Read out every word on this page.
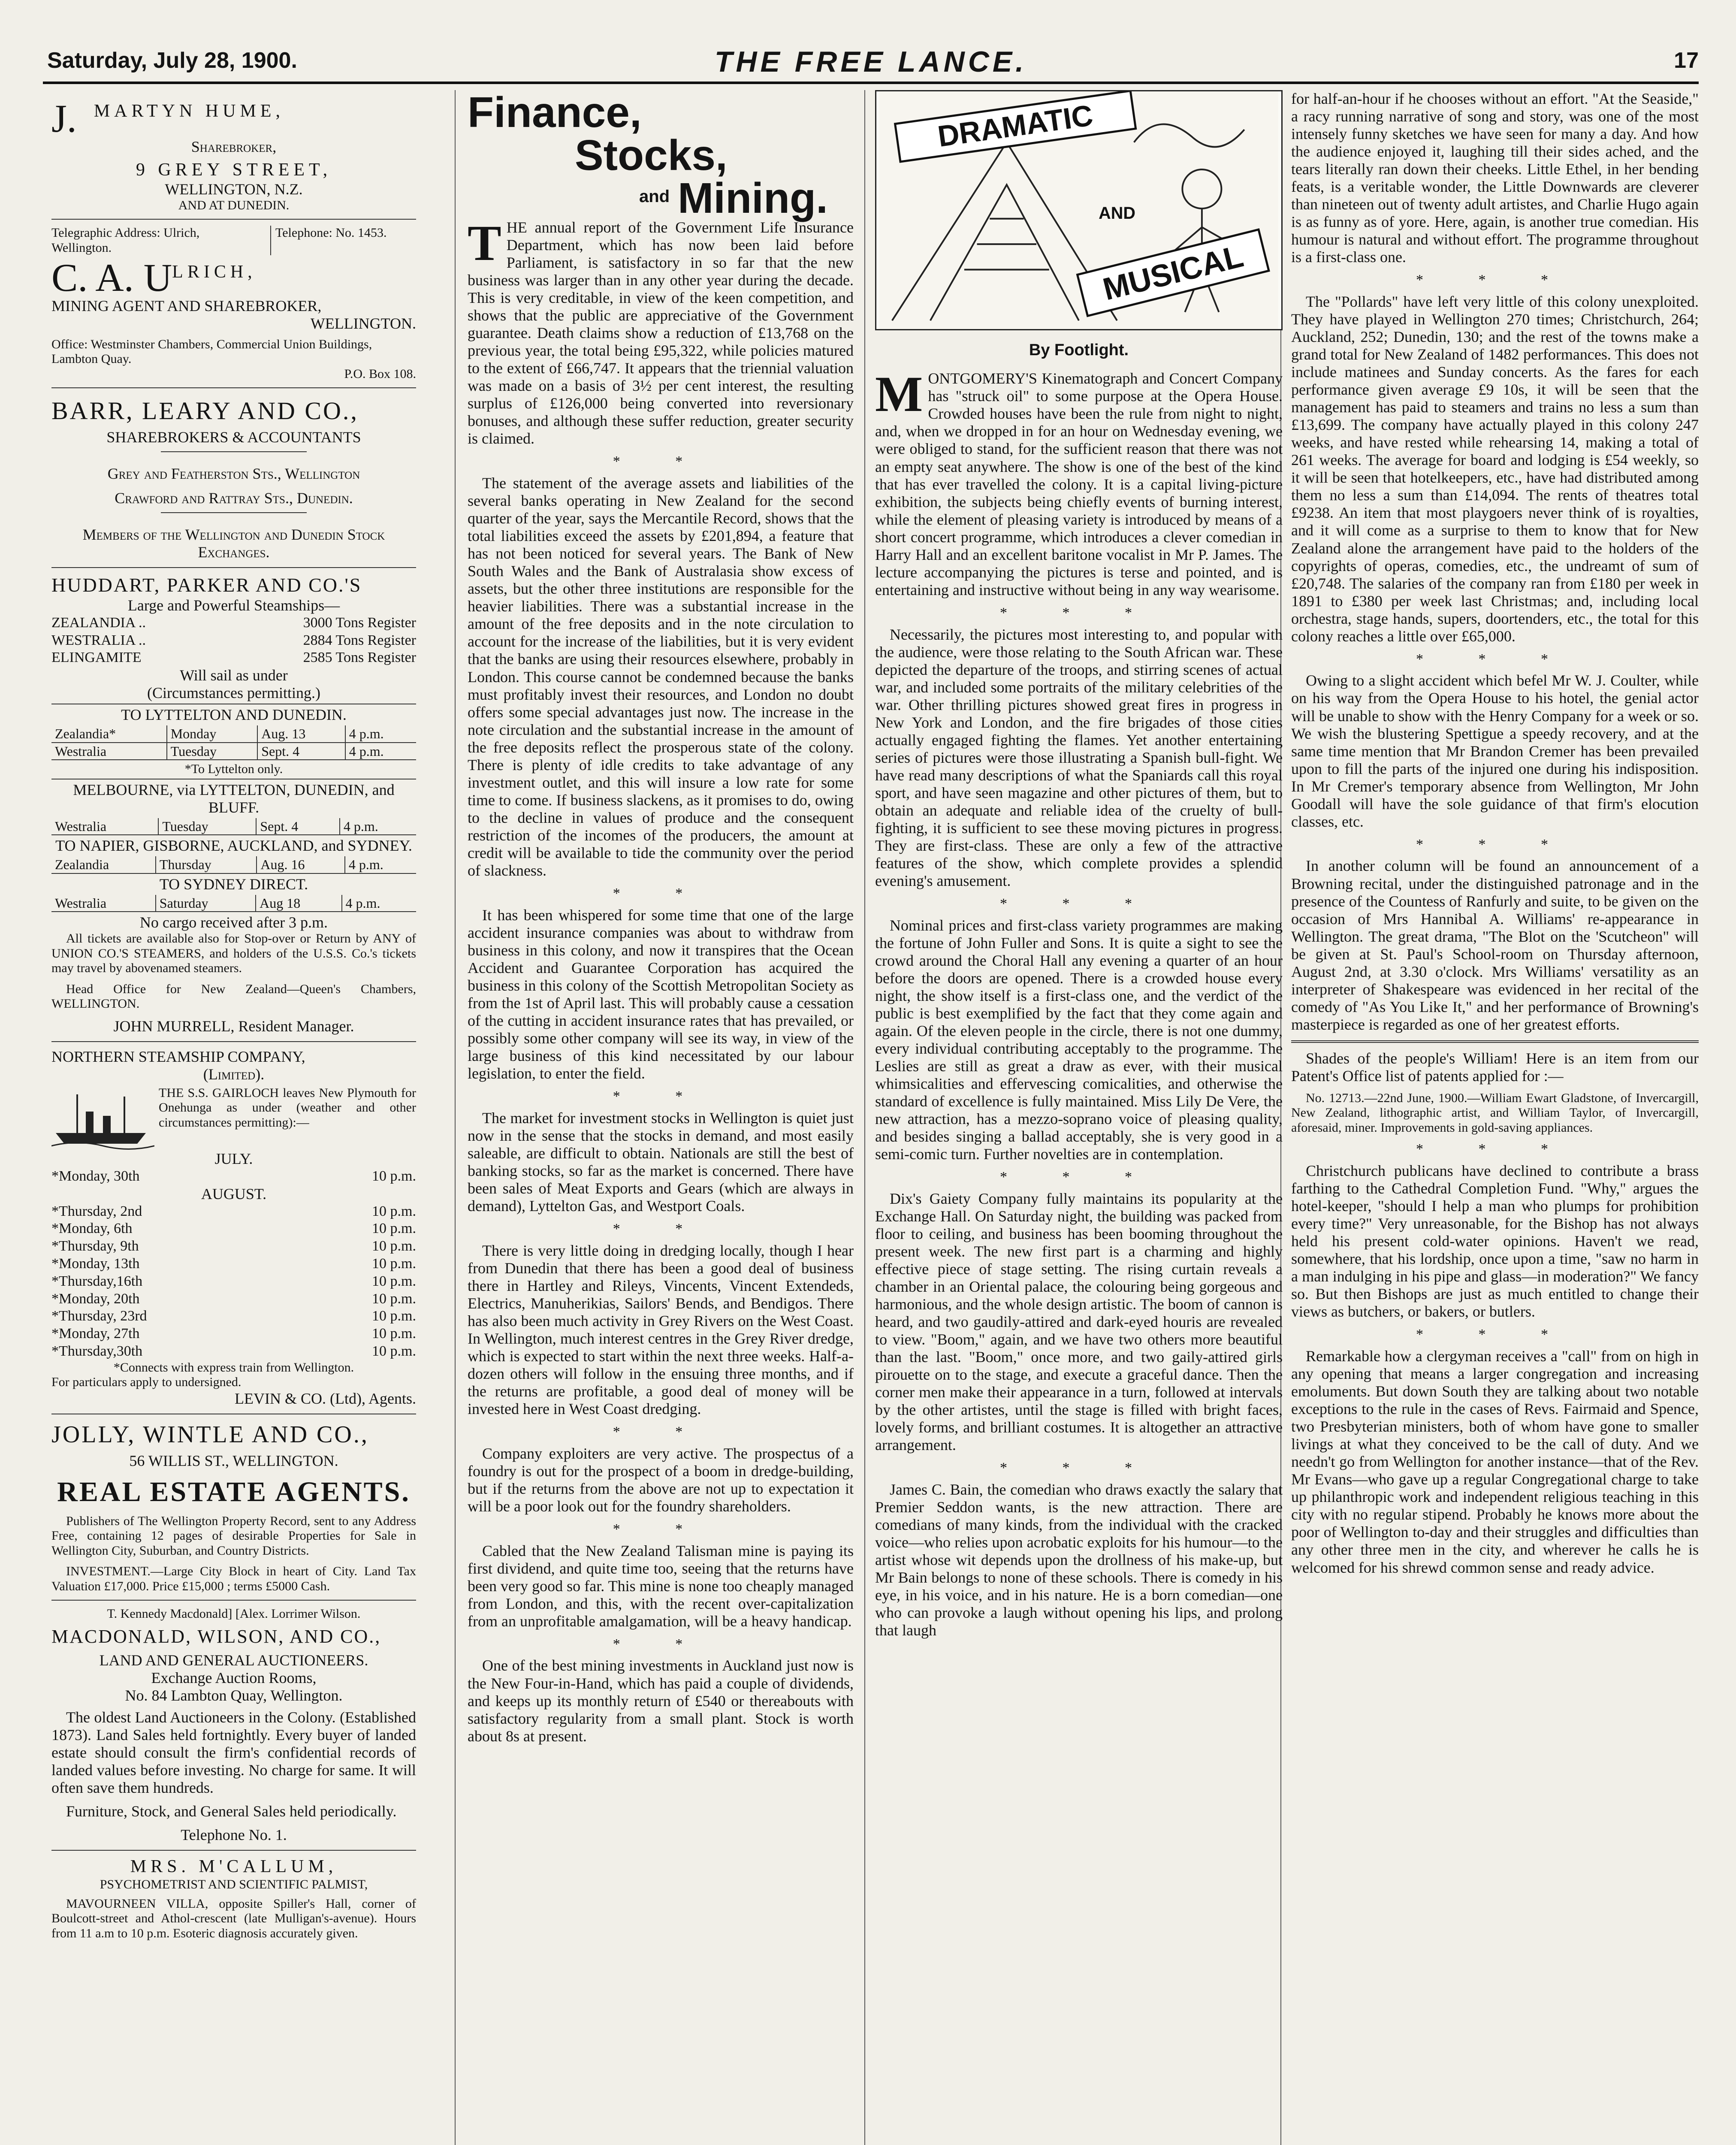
Saturday, July 28, 1900.	THE FREE LANCE.	17
J. MARTYN HUME,
Sharebroker,
9 GREY STREET,
WELLINGTON, N.Z.
AND AT DUNEDIN.
Telegraphic Address: Ulrich, Wellington.
Telephone: No. 1453.
C. A. U LRICH,
MINING AGENT AND SHAREBROKER,
WELLINGTON.
Office: Westminster Chambers, Commercial Union Buildings, Lambton Quay.
P.O. Box 108.
BARR, LEARY AND CO.,
SHAREBROKERS & ACCOUNTANTS
Grey and Featherston Sts., Wellington
Crawford and Rattray Sts., Dunedin.
Members of the Wellington and Dunedin Stock Exchanges.
HUDDART, PARKER AND CO.'S
Large and Powerful Steamships—
ZEALANDIA ..	3000 Tons Register
WESTRALIA ..	2884 Tons Register
ELINGAMITE	2585 Tons Register
Will sail as under
(Circumstances permitting.)
TO LYTTELTON AND DUNEDIN.
Zealandia*	Monday	Aug. 13	4 p.m.
Westralia	Tuesday	Sept. 4	4 p.m.
*To Lyttelton only.
MELBOURNE, via LYTTELTON, DUNEDIN, and BLUFF.
Westralia	Tuesday	Sept. 4	4 p.m.
TO NAPIER, GISBORNE, AUCKLAND, and SYDNEY.
Zealandia	Thursday	Aug. 16	4 p.m.
TO SYDNEY DIRECT.
Westralia	Saturday	Aug 18	4 p.m.
No cargo received after 3 p.m.

All tickets are available also for Stop-over or Return by ANY of UNION CO.'S STEAMERS, and holders of the U.S.S. Co.'s tickets may travel by abovenamed steamers.

Head Office for New Zealand—Queen's Chambers, WELLINGTON.

JOHN MURRELL, Resident Manager.
NORTHERN STEAMSHIP COMPANY,
(Limited).

THE S.S. GAIRLOCH leaves New Plymouth for Onehunga as under (weather and other circumstances permitting):—

JULY.
*Monday, 30th	10 p.m.
AUGUST.
*Thursday, 2nd	10 p.m.
*Monday, 6th	10 p.m.
*Thursday, 9th	10 p.m.
*Monday, 13th	10 p.m.
*Thursday,16th	10 p.m.
*Monday, 20th	10 p.m.
*Thursday, 23rd	10 p.m.
*Monday, 27th	10 p.m.
*Thursday,30th	10 p.m.
*Connects with express train from Wellington.
For particulars apply to undersigned.
LEVIN & CO. (Ltd), Agents.
JOLLY, WINTLE AND CO.,
56 WILLIS ST., WELLINGTON.
REAL ESTATE AGENTS.

Publishers of The Wellington Property Record, sent to any Address Free, containing 12 pages of desirable Properties for Sale in Wellington City, Suburban, and Country Districts.

INVESTMENT.—Large City Block in heart of City. Land Tax Valuation £17,000. Price £15,000 ; terms £5000 Cash.

T. Kennedy Macdonald] [Alex. Lorrimer Wilson.
MACDONALD, WILSON, AND CO.,
LAND AND GENERAL AUCTIONEERS.
Exchange Auction Rooms,
No. 84 Lambton Quay, Wellington.

The oldest Land Auctioneers in the Colony. (Established 1873). Land Sales held fortnightly. Every buyer of landed estate should consult the firm's confidential records of landed values before investing. No charge for same. It will often save them hundreds.

Furniture, Stock, and General Sales held periodically.

Telephone No. 1.
MRS. M'CALLUM,
PSYCHOMETRIST AND SCIENTIFIC PALMIST,

MAVOURNEEN VILLA, opposite Spiller's Hall, corner of Boulcott-street and Athol-crescent (late Mulligan's-avenue). Hours from 11 a.m to 10 p.m. Esoteric diagnosis accurately given.

Finance,
Stocks,
and Mining.

THE annual report of the Government Life Insurance Department, which has now been laid before Parliament, is satisfactory in so far that the new business was larger than in any other year during the decade. This is very creditable, in view of the keen competition, and shows that the public are appreciative of the Government guarantee. Death claims show a reduction of £13,768 on the previous year, the total being £95,322, while policies matured to the extent of £66,747. It appears that the triennial valuation was made on a basis of 3½ per cent interest, the resulting surplus of £126,000 being converted into reversionary bonuses, and although these suffer reduction, greater security is claimed.

* *

The statement of the average assets and liabilities of the several banks operating in New Zealand for the second quarter of the year, says the Mercantile Record, shows that the total liabilities exceed the assets by £201,894, a feature that has not been noticed for several years. The Bank of New South Wales and the Bank of Australasia show excess of assets, but the other three institutions are responsible for the heavier liabilities. There was a substantial increase in the amount of the free deposits and in the note circulation to account for the increase of the liabilities, but it is very evident that the banks are using their resources elsewhere, probably in London. This course cannot be condemned because the banks must profitably invest their resources, and London no doubt offers some special advantages just now. The increase in the note circulation and the substantial increase in the amount of the free deposits reflect the prosperous state of the colony. There is plenty of idle credits to take advantage of any investment outlet, and this will insure a low rate for some time to come. If business slackens, as it promises to do, owing to the decline in values of produce and the consequent restriction of the incomes of the producers, the amount at credit will be available to tide the community over the period of slackness.

* *

It has been whispered for some time that one of the large accident insurance companies was about to withdraw from business in this colony, and now it transpires that the Ocean Accident and Guarantee Corporation has acquired the business in this colony of the Scottish Metropolitan Society as from the 1st of April last. This will probably cause a cessation of the cutting in accident insurance rates that has prevailed, or possibly some other company will see its way, in view of the large business of this kind necessitated by our labour legislation, to enter the field.

* *

The market for investment stocks in Wellington is quiet just now in the sense that the stocks in demand, and most easily saleable, are difficult to obtain. Nationals are still the best of banking stocks, so far as the market is concerned. There have been sales of Meat Exports and Gears (which are always in demand), Lyttelton Gas, and Westport Coals.

* *

There is very little doing in dredging locally, though I hear from Dunedin that there has been a good deal of business there in Hartley and Rileys, Vincents, Vincent Extendeds, Electrics, Manuherikias, Sailors' Bends, and Bendigos. There has also been much activity in Grey Rivers on the West Coast. In Wellington, much interest centres in the Grey River dredge, which is expected to start within the next three weeks. Half-a-dozen others will follow in the ensuing three months, and if the returns are profitable, a good deal of money will be invested here in West Coast dredging.

* *

Company exploiters are very active. The prospectus of a foundry is out for the prospect of a boom in dredge-building, but if the returns from the above are not up to expectation it will be a poor look out for the foundry shareholders.

* *

Cabled that the New Zealand Talisman mine is paying its first dividend, and quite time too, seeing that the returns have been very good so far. This mine is none too cheaply managed from London, and this, with the recent over-capitalization from an unprofitable amalgamation, will be a heavy handicap.

* *

One of the best mining investments in Auckland just now is the New Four-in-Hand, which has paid a couple of dividends, and keeps up its monthly return of £540 or thereabouts with satisfactory regularity from a small plant. Stock is worth about 8s at present.

DRAMATIC
AND
MUSICAL
By Footlight.

MONTGOMERY'S Kinematograph and Concert Company has "struck oil" to some purpose at the Opera House. Crowded houses have been the rule from night to night, and, when we dropped in for an hour on Wednesday evening, we were obliged to stand, for the sufficient reason that there was not an empty seat anywhere. The show is one of the best of the kind that has ever travelled the colony. It is a capital living-picture exhibition, the subjects being chiefly events of burning interest, while the element of pleasing variety is introduced by means of a short concert programme, which introduces a clever comedian in Harry Hall and an excellent baritone vocalist in Mr P. James. The lecture accompanying the pictures is terse and pointed, and is entertaining and instructive without being in any way wearisome.

* * *

Necessarily, the pictures most interesting to, and popular with the audience, were those relating to the South African war. These depicted the departure of the troops, and stirring scenes of actual war, and included some portraits of the military celebrities of the war. Other thrilling pictures showed great fires in progress in New York and London, and the fire brigades of those cities actually engaged fighting the flames. Yet another entertaining series of pictures were those illustrating a Spanish bull-fight. We have read many descriptions of what the Spaniards call this royal sport, and have seen magazine and other pictures of them, but to obtain an adequate and reliable idea of the cruelty of bull-fighting, it is sufficient to see these moving pictures in progress. They are first-class. These are only a few of the attractive features of the show, which complete provides a splendid evening's amusement.

* * *

Nominal prices and first-class variety programmes are making the fortune of John Fuller and Sons. It is quite a sight to see the crowd around the Choral Hall any evening a quarter of an hour before the doors are opened. There is a crowded house every night, the show itself is a first-class one, and the verdict of the public is best exemplified by the fact that they come again and again. Of the eleven people in the circle, there is not one dummy, every individual contributing acceptably to the programme. The Leslies are still as great a draw as ever, with their musical whimsicalities and effervescing comicalities, and otherwise the standard of excellence is fully maintained. Miss Lily De Vere, the new attraction, has a mezzo-soprano voice of pleasing quality, and besides singing a ballad acceptably, she is very good in a semi-comic turn. Further novelties are in contemplation.

* * *

Dix's Gaiety Company fully maintains its popularity at the Exchange Hall. On Saturday night, the building was packed from floor to ceiling, and business has been booming throughout the present week. The new first part is a charming and highly effective piece of stage setting. The rising curtain reveals a chamber in an Oriental palace, the colouring being gorgeous and harmonious, and the whole design artistic. The boom of cannon is heard, and two gaudily-attired and dark-eyed houris are revealed to view. "Boom," again, and we have two others more beautiful than the last. "Boom," once more, and two gaily-attired girls pirouette on to the stage, and execute a graceful dance. Then the corner men make their appearance in a turn, followed at intervals by the other artistes, until the stage is filled with bright faces, lovely forms, and brilliant costumes. It is altogether an attractive arrangement.

* * *

James C. Bain, the comedian who draws exactly the salary that Premier Seddon wants, is the new attraction. There are comedians of many kinds, from the individual with the cracked voice—who relies upon acrobatic exploits for his humour—to the artist whose wit depends upon the drollness of his make-up, but Mr Bain belongs to none of these schools. There is comedy in his eye, in his voice, and in his nature. He is a born comedian—one who can provoke a laugh without opening his lips, and prolong that laugh

for half-an-hour if he chooses without an effort. "At the Seaside," a racy running narrative of song and story, was one of the most intensely funny sketches we have seen for many a day. And how the audience enjoyed it, laughing till their sides ached, and the tears literally ran down their cheeks. Little Ethel, in her bending feats, is a veritable wonder, the Little Downwards are cleverer than nineteen out of twenty adult artistes, and Charlie Hugo again is as funny as of yore. Here, again, is another true comedian. His humour is natural and without effort. The programme throughout is a first-class one.

* * *

The "Pollards" have left very little of this colony unexploited. They have played in Wellington 270 times; Christchurch, 264; Auckland, 252; Dunedin, 130; and the rest of the towns make a grand total for New Zealand of 1482 performances. This does not include matinees and Sunday concerts. As the fares for each performance given average £9 10s, it will be seen that the management has paid to steamers and trains no less a sum than £13,699. The company have actually played in this colony 247 weeks, and have rested while rehearsing 14, making a total of 261 weeks. The average for board and lodging is £54 weekly, so it will be seen that hotelkeepers, etc., have had distributed among them no less a sum than £14,094. The rents of theatres total £9238. An item that most playgoers never think of is royalties, and it will come as a surprise to them to know that for New Zealand alone the arrangement have paid to the holders of the copyrights of operas, comedies, etc., the undreamt of sum of £20,748. The salaries of the company ran from £180 per week in 1891 to £380 per week last Christmas; and, including local orchestra, stage hands, supers, doortenders, etc., the total for this colony reaches a little over £65,000.

* * *

Owing to a slight accident which befel Mr W. J. Coulter, while on his way from the Opera House to his hotel, the genial actor will be unable to show with the Henry Company for a week or so. We wish the blustering Spettigue a speedy recovery, and at the same time mention that Mr Brandon Cremer has been prevailed upon to fill the parts of the injured one during his indisposition. In Mr Cremer's temporary absence from Wellington, Mr John Goodall will have the sole guidance of that firm's elocution classes, etc.

* * *

In another column will be found an announcement of a Browning recital, under the distinguished patronage and in the presence of the Countess of Ranfurly and suite, to be given on the occasion of Mrs Hannibal A. Williams' re-appearance in Wellington. The great drama, "The Blot on the 'Scutcheon" will be given at St. Paul's School-room on Thursday afternoon, August 2nd, at 3.30 o'clock. Mrs Williams' versatility as an interpreter of Shakespeare was evidenced in her recital of the comedy of "As You Like It," and her performance of Browning's masterpiece is regarded as one of her greatest efforts.

Shades of the people's William! Here is an item from our Patent's Office list of patents applied for :—

No. 12713.—22nd June, 1900.—William Ewart Gladstone, of Invercargill, New Zealand, lithographic artist, and William Taylor, of Invercargill, aforesaid, miner. Improvements in gold-saving appliances.

* * *

Christchurch publicans have declined to contribute a brass farthing to the Cathedral Completion Fund. "Why," argues the hotel-keeper, "should I help a man who plumps for prohibition every time?" Very unreasonable, for the Bishop has not always held his present cold-water opinions. Haven't we read, somewhere, that his lordship, once upon a time, "saw no harm in a man indulging in his pipe and glass—in moderation?" We fancy so. But then Bishops are just as much entitled to change their views as butchers, or bakers, or butlers.

* * *

Remarkable how a clergyman receives a "call" from on high in any opening that means a larger congregation and increasing emoluments. But down South they are talking about two notable exceptions to the rule in the cases of Revs. Fairmaid and Spence, two Presbyterian ministers, both of whom have gone to smaller livings at what they conceived to be the call of duty. And we needn't go from Wellington for another instance—that of the Rev. Mr Evans—who gave up a regular Congregational charge to take up philanthropic work and independent religious teaching in this city with no regular stipend. Probably he knows more about the poor of Wellington to-day and their struggles and difficulties than any other three men in the city, and wherever he calls he is welcomed for his shrewd common sense and ready advice.
